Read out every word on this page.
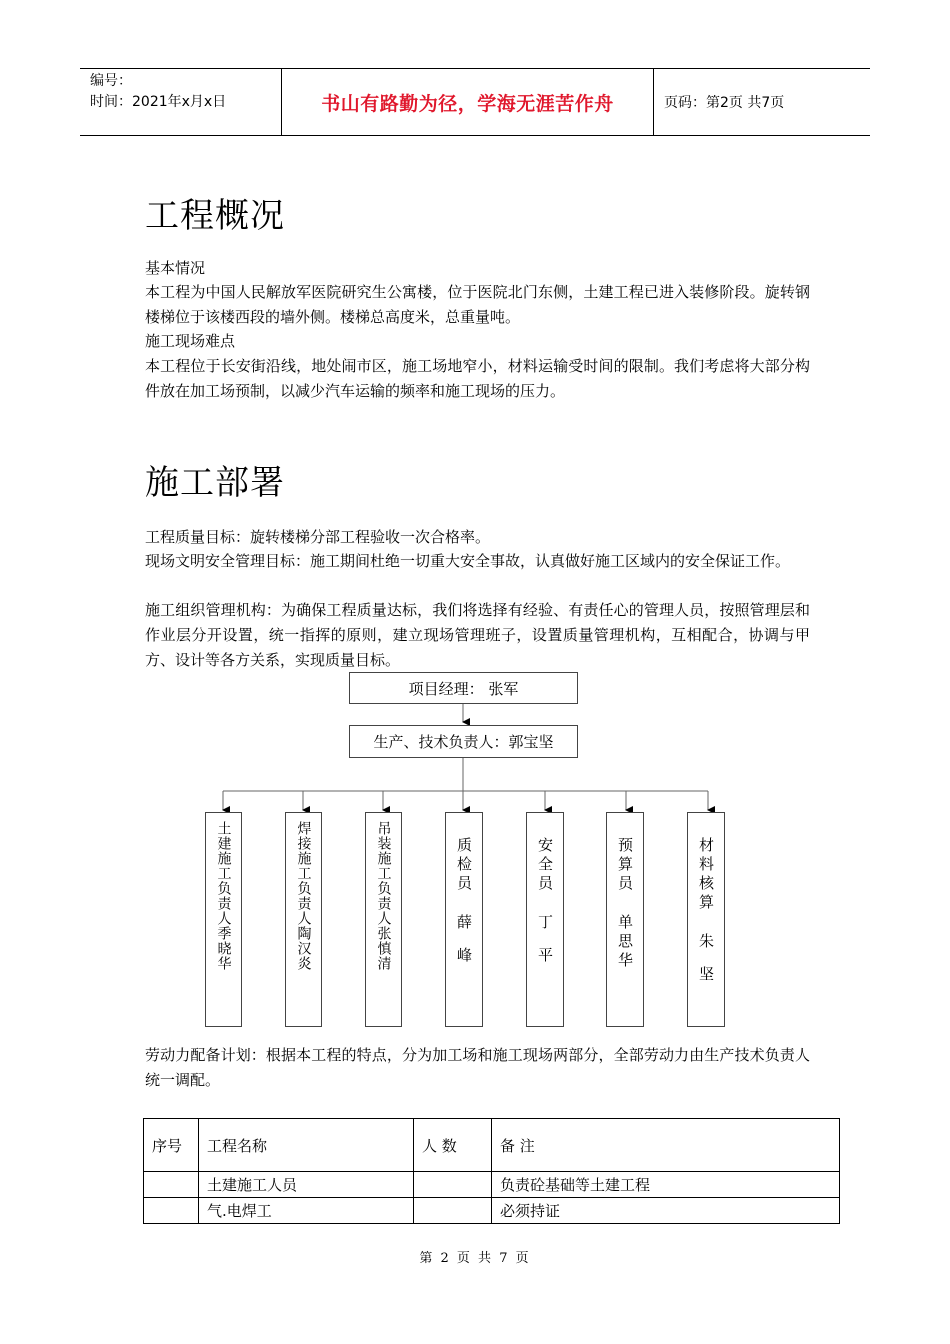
编号：
时间：2021年x月x日	书山有路勤为径，学海无涯苦作舟	页码：第2页 共7页
工程概况
基本情况
本工程为中国人民解放军医院研究生公寓楼，位于医院北门东侧，土建工程已进入装修阶段。旋转钢楼梯位于该楼西段的墙外侧。楼梯总高度米，总重量吨。
施工现场难点
本工程位于长安街沿线，地处闹市区，施工场地窄小，材料运输受时间的限制。我们考虑将大部分构件放在加工场预制，以减少汽车运输的频率和施工现场的压力。
施工部署
工程质量目标：旋转楼梯分部工程验收一次合格率。
现场文明安全管理目标：施工期间杜绝一切重大安全事故，认真做好施工区域内的安全保证工作。
施工组织管理机构：为确保工程质量达标，我们将选择有经验、有责任心的管理人员，按照管理层和作业层分开设置，统一指挥的原则，建立现场管理班子，设置质量管理机构，互相配合，协调与甲方、设计等各方关系，实现质量目标。
项目经理： 张军
生产、技术负责人：郭宝坚
土建施工负责人季晓华	焊接施工负责人陶汉炎	吊装施工负责人张慎清	质检员
薛峰
安全员
丁平
预算员
单思华
材料核算
朱坚
劳动力配备计划：根据本工程的特点，分为加工场和施工现场两部分，全部劳动力由生产技术负责人统一调配。
序号	工程名称	人 数	备 注
	土建施工人员		负责砼基础等土建工程
	气.电焊工		必须持证
第 2 页 共 7 页
